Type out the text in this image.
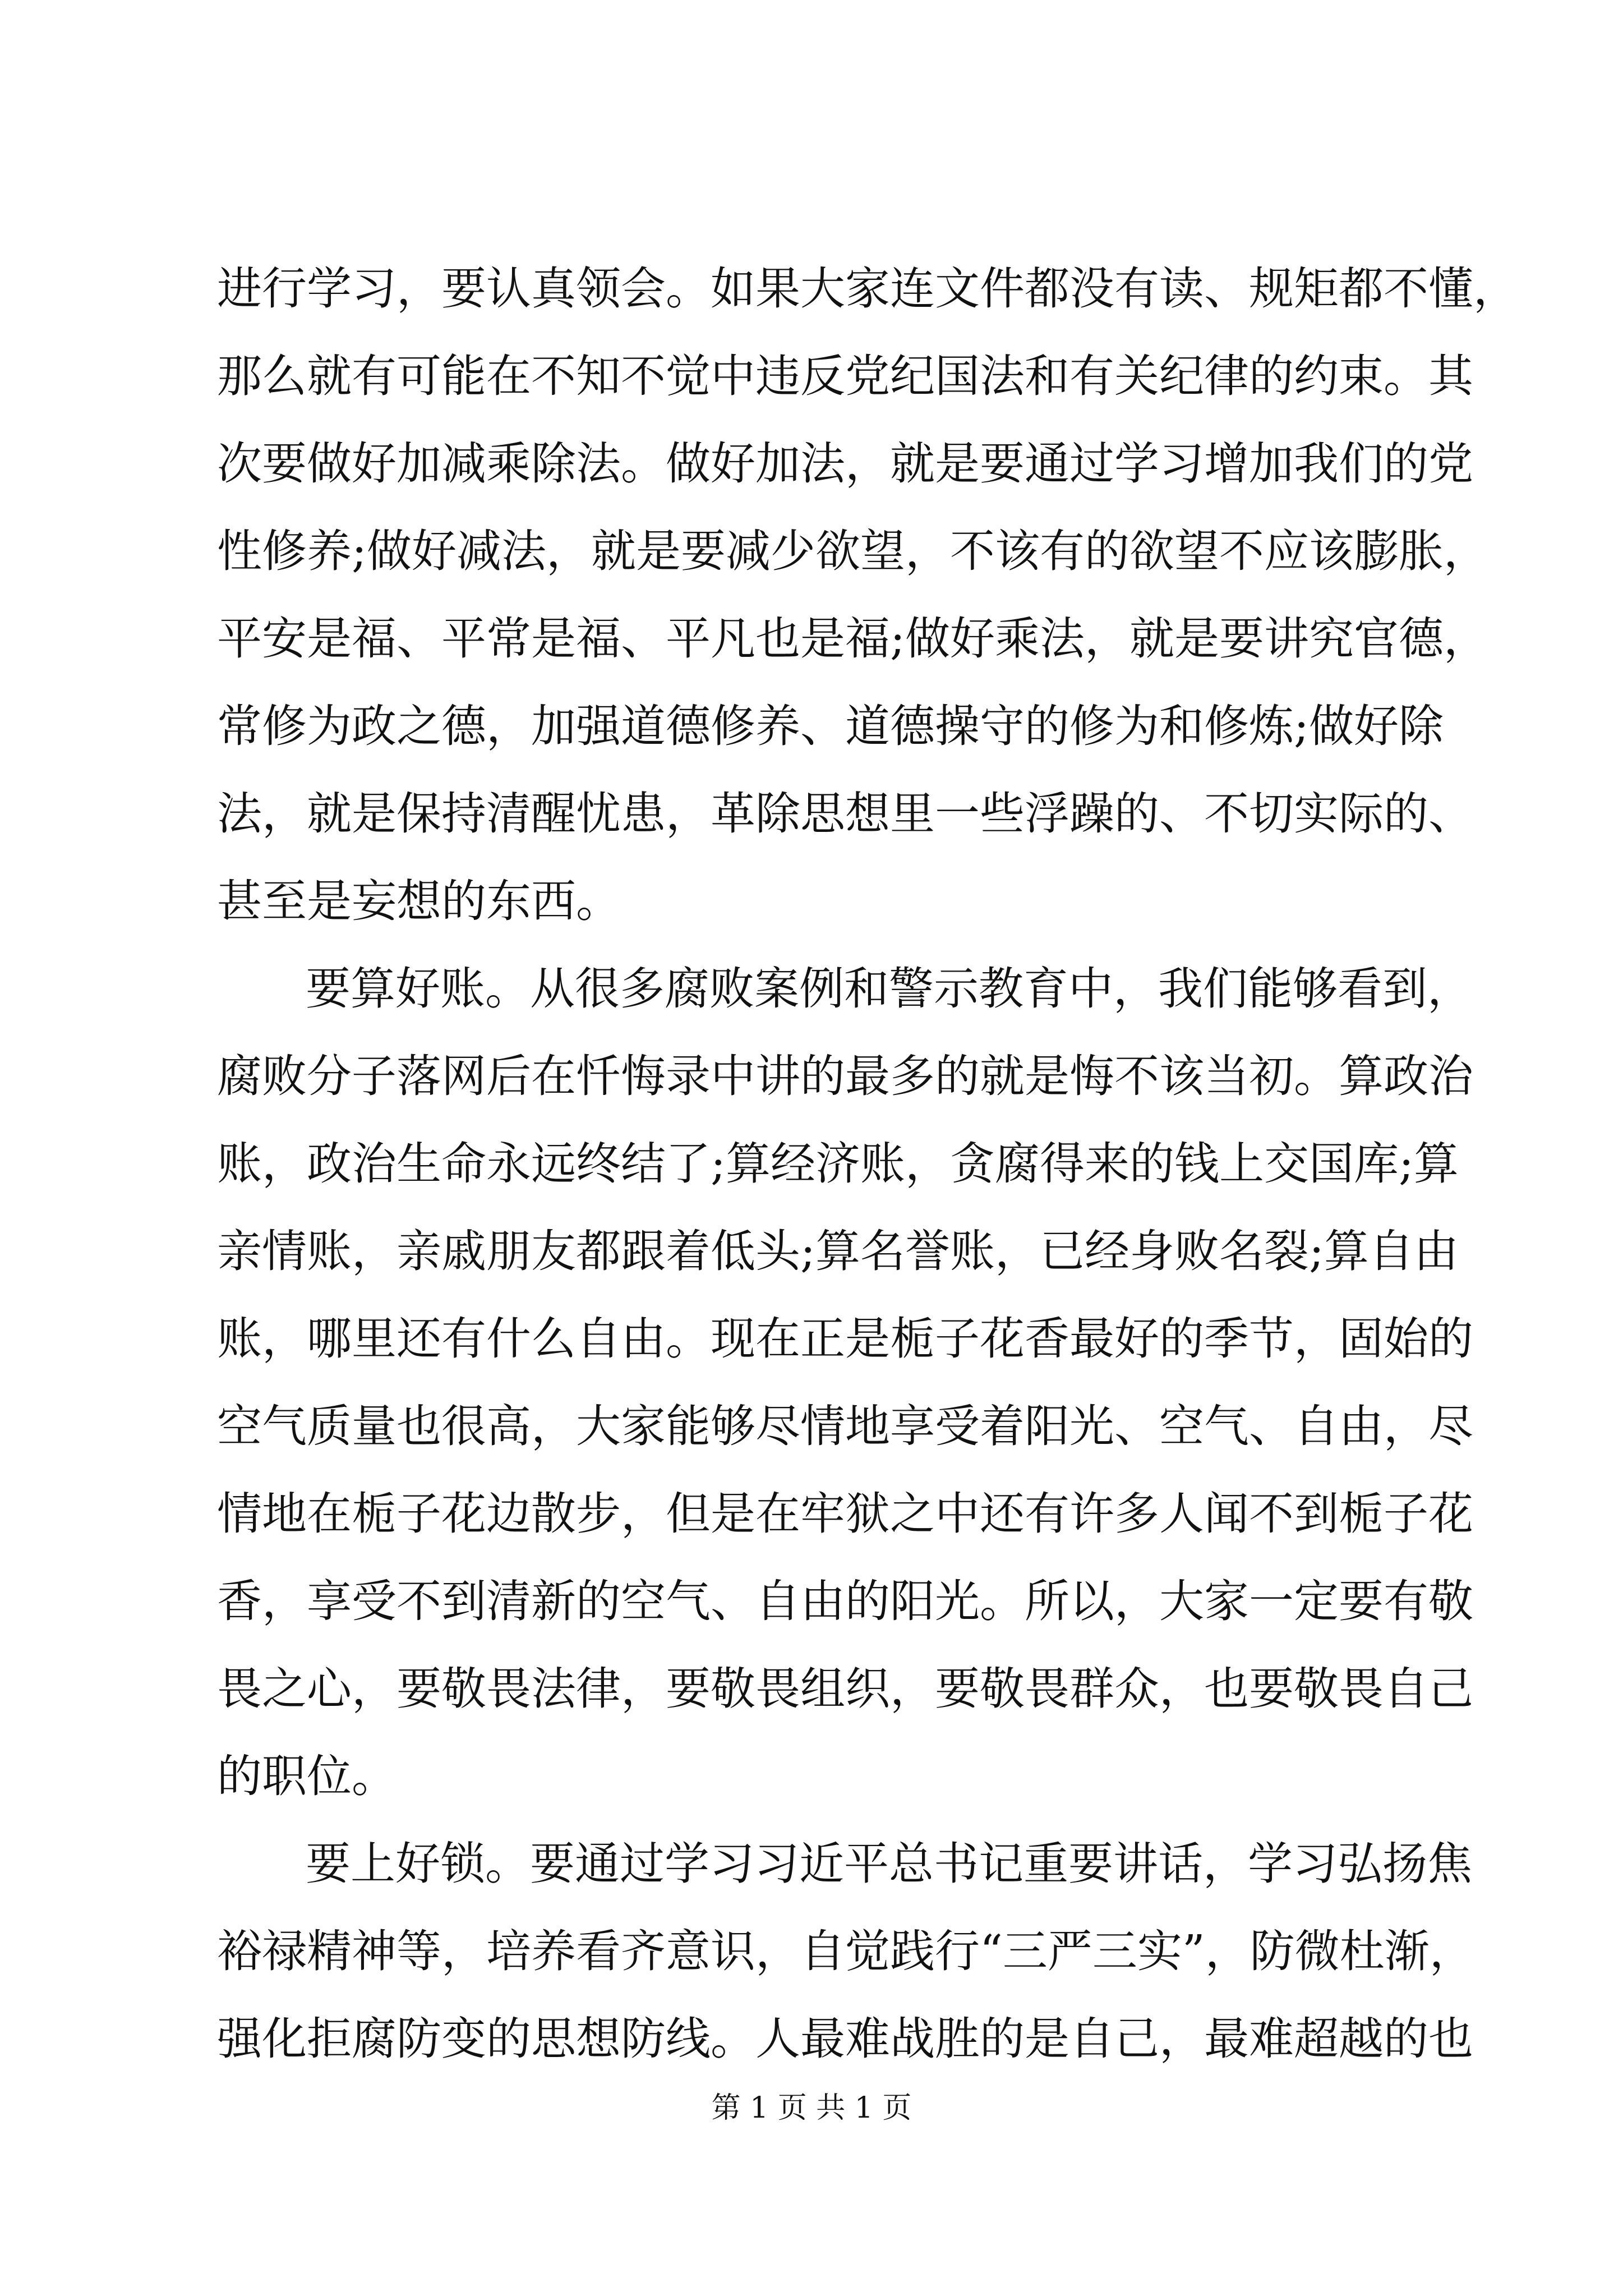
进行学习，要认真领会。如果大家连文件都没有读、规矩都不懂，
那么就有可能在不知不觉中违反党纪国法和有关纪律的约束。其
次要做好加减乘除法。做好加法，就是要通过学习增加我们的党
性修养;做好减法，就是要减少欲望，不该有的欲望不应该膨胀，
平安是福、平常是福、平凡也是福;做好乘法，就是要讲究官德，
常修为政之德，加强道德修养、道德操守的修为和修炼;做好除
法，就是保持清醒忧患，革除思想里一些浮躁的、不切实际的、
甚至是妄想的东西。
要算好账。从很多腐败案例和警示教育中，我们能够看到，
腐败分子落网后在忏悔录中讲的最多的就是悔不该当初。算政治
账，政治生命永远终结了;算经济账，贪腐得来的钱上交国库;算
亲情账，亲戚朋友都跟着低头;算名誉账，已经身败名裂;算自由
账，哪里还有什么自由。现在正是栀子花香最好的季节，固始的
空气质量也很高，大家能够尽情地享受着阳光、空气、自由，尽
情地在栀子花边散步，但是在牢狱之中还有许多人闻不到栀子花
香，享受不到清新的空气、自由的阳光。所以，大家一定要有敬
畏之心，要敬畏法律，要敬畏组织，要敬畏群众，也要敬畏自己
的职位。
要上好锁。要通过学习习近平总书记重要讲话，学习弘扬焦
裕禄精神等，培养看齐意识，自觉践行“三严三实”，防微杜渐，
强化拒腐防变的思想防线。人最难战胜的是自己，最难超越的也
第 1 页 共 1 页
